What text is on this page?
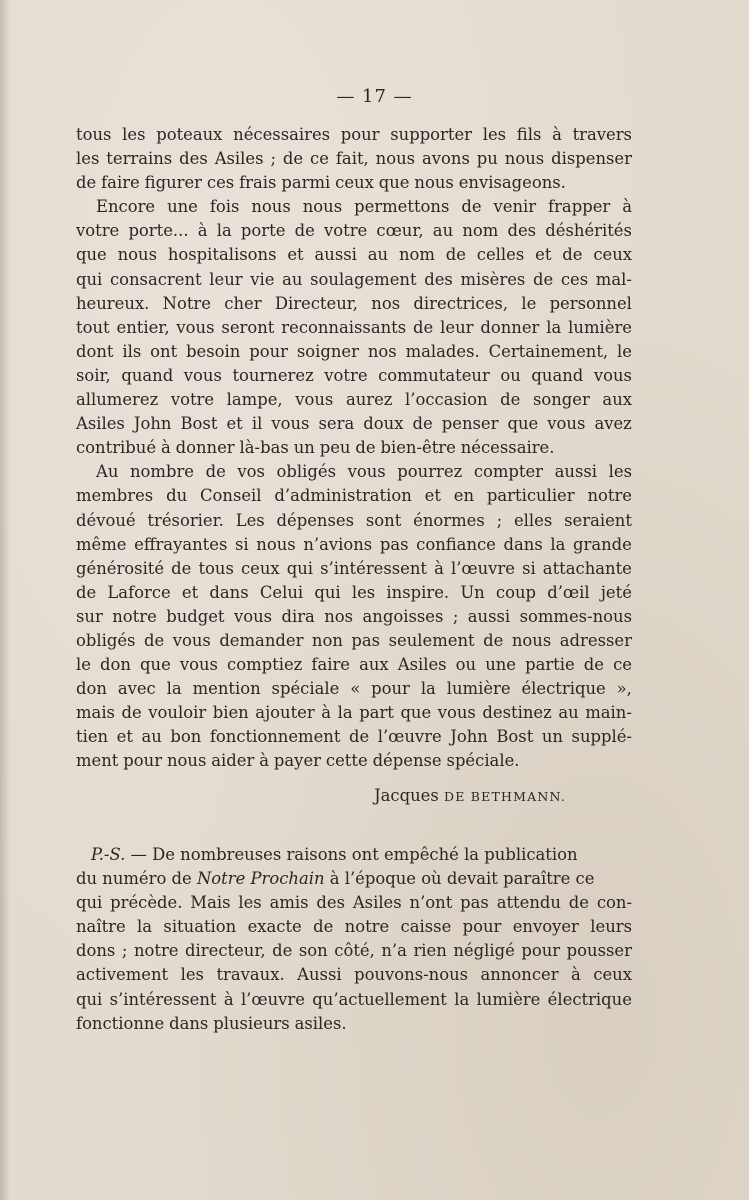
— 17 —
tous les poteaux nécessaires pour supporter les fils à travers
les terrains des Asiles ; de ce fait, nous avons pu nous dispenser
de faire figurer ces frais parmi ceux que nous envisageons.
Encore une fois nous nous permettons de venir frapper à
votre porte... à la porte de votre cœur, au nom des déshérités
que nous hospitalisons et aussi au nom de celles et de ceux
qui consacrent leur vie au soulagement des misères de ces mal-
heureux. Notre cher Directeur, nos directrices, le personnel
tout entier, vous seront reconnaissants de leur donner la lumière
dont ils ont besoin pour soigner nos malades. Certainement, le
soir, quand vous tournerez votre commutateur ou quand vous
allumerez votre lampe, vous aurez l’occasion de songer aux
Asiles John Bost et il vous sera doux de penser que vous avez
contribué à donner là-bas un peu de bien-être nécessaire.
Au nombre de vos obligés vous pourrez compter aussi les
membres du Conseil d’administration et en particulier notre
dévoué trésorier. Les dépenses sont énormes ; elles seraient
même effrayantes si nous n’avions pas confiance dans la grande
générosité de tous ceux qui s’intéressent à l’œuvre si attachante
de Laforce et dans Celui qui les inspire. Un coup d’œil jeté
sur notre budget vous dira nos angoisses ; aussi sommes-nous
obligés de vous demander non pas seulement de nous adresser
le don que vous comptiez faire aux Asiles ou une partie de ce
don avec la mention spéciale « pour la lumière électrique »,
mais de vouloir bien ajouter à la part que vous destinez au main-
tien et au bon fonctionnement de l’œuvre John Bost un supplé-
ment pour nous aider à payer cette dépense spéciale.
Jacques DE BETHMANN.
P.-S. — De nombreuses raisons ont empêché la publication
du numéro de Notre Prochain à l’époque où devait paraître ce
qui précède. Mais les amis des Asiles n’ont pas attendu de con-
naître la situation exacte de notre caisse pour envoyer leurs
dons ; notre directeur, de son côté, n’a rien négligé pour pousser
activement les travaux. Aussi pouvons-nous annoncer à ceux
qui s’intéressent à l’œuvre qu’actuellement la lumière électrique
fonctionne dans plusieurs asiles.
